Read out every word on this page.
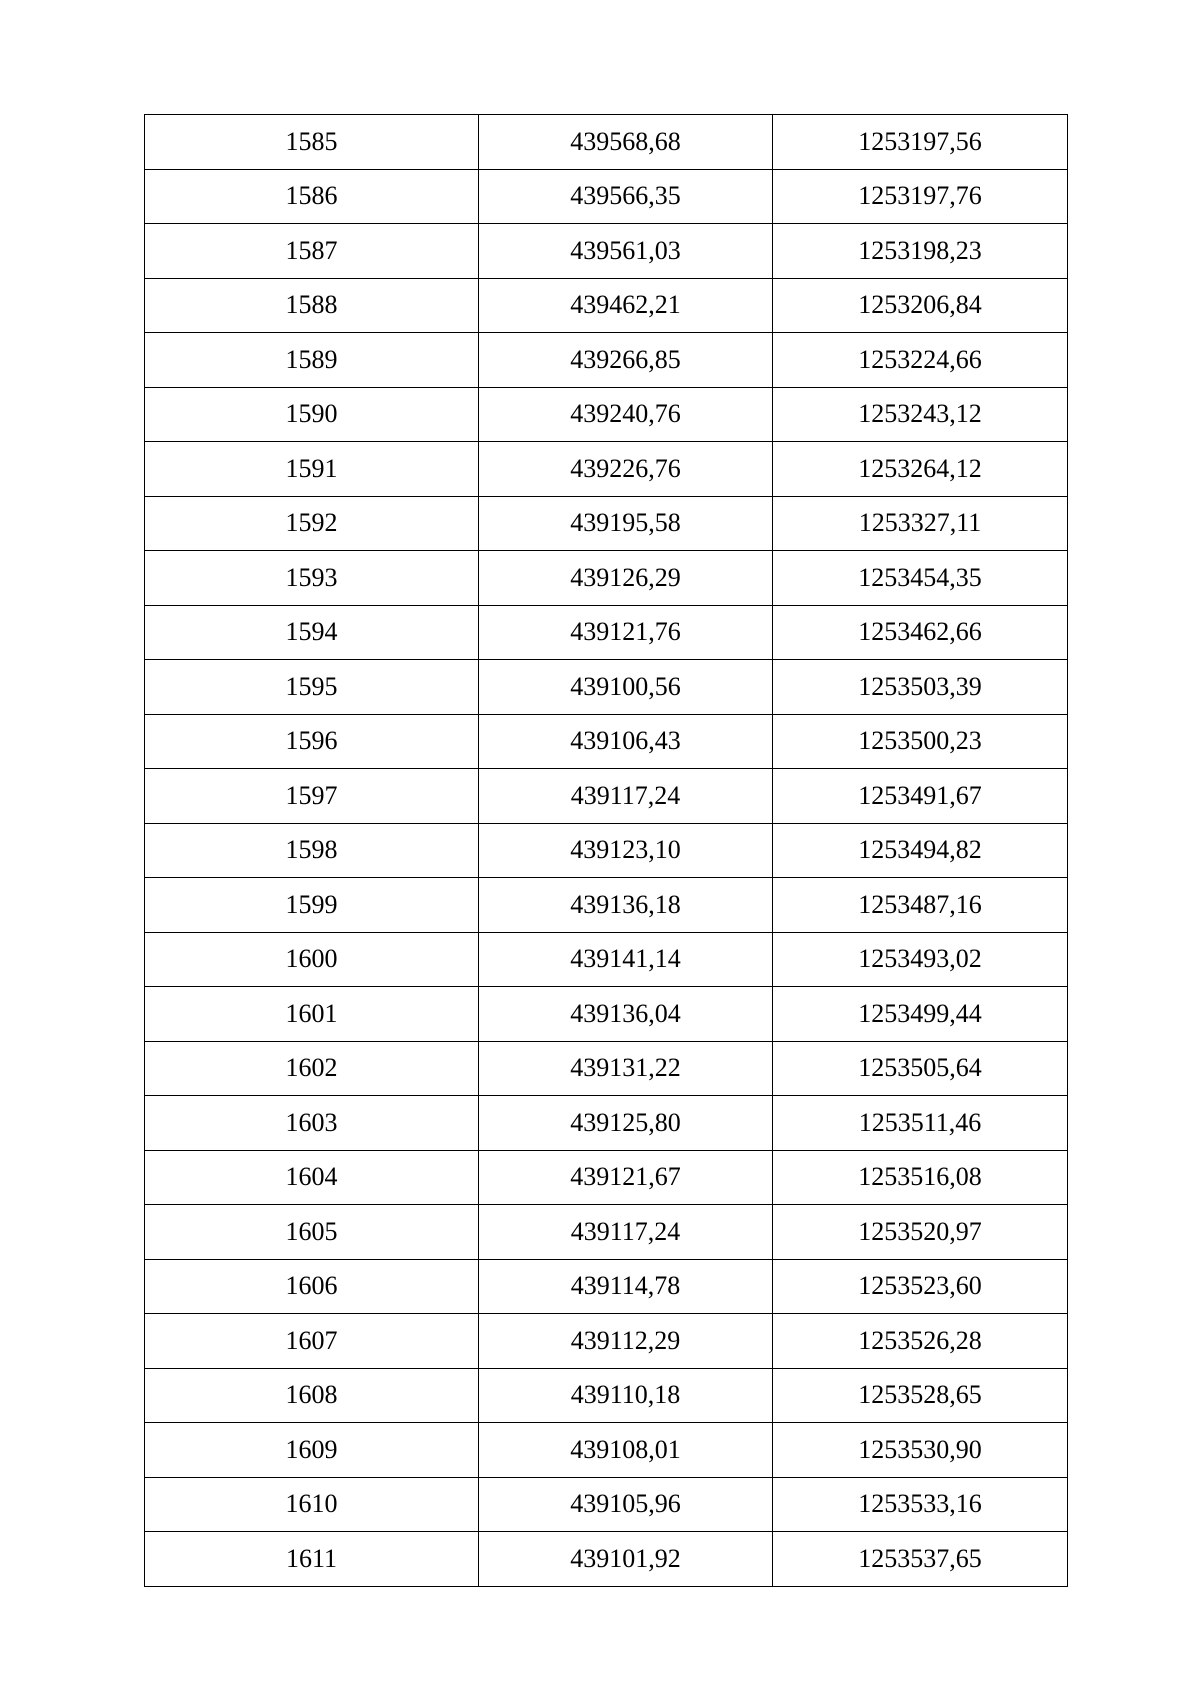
1585	439568,68	1253197,56
1586	439566,35	1253197,76
1587	439561,03	1253198,23
1588	439462,21	1253206,84
1589	439266,85	1253224,66
1590	439240,76	1253243,12
1591	439226,76	1253264,12
1592	439195,58	1253327,11
1593	439126,29	1253454,35
1594	439121,76	1253462,66
1595	439100,56	1253503,39
1596	439106,43	1253500,23
1597	439117,24	1253491,67
1598	439123,10	1253494,82
1599	439136,18	1253487,16
1600	439141,14	1253493,02
1601	439136,04	1253499,44
1602	439131,22	1253505,64
1603	439125,80	1253511,46
1604	439121,67	1253516,08
1605	439117,24	1253520,97
1606	439114,78	1253523,60
1607	439112,29	1253526,28
1608	439110,18	1253528,65
1609	439108,01	1253530,90
1610	439105,96	1253533,16
1611	439101,92	1253537,65
